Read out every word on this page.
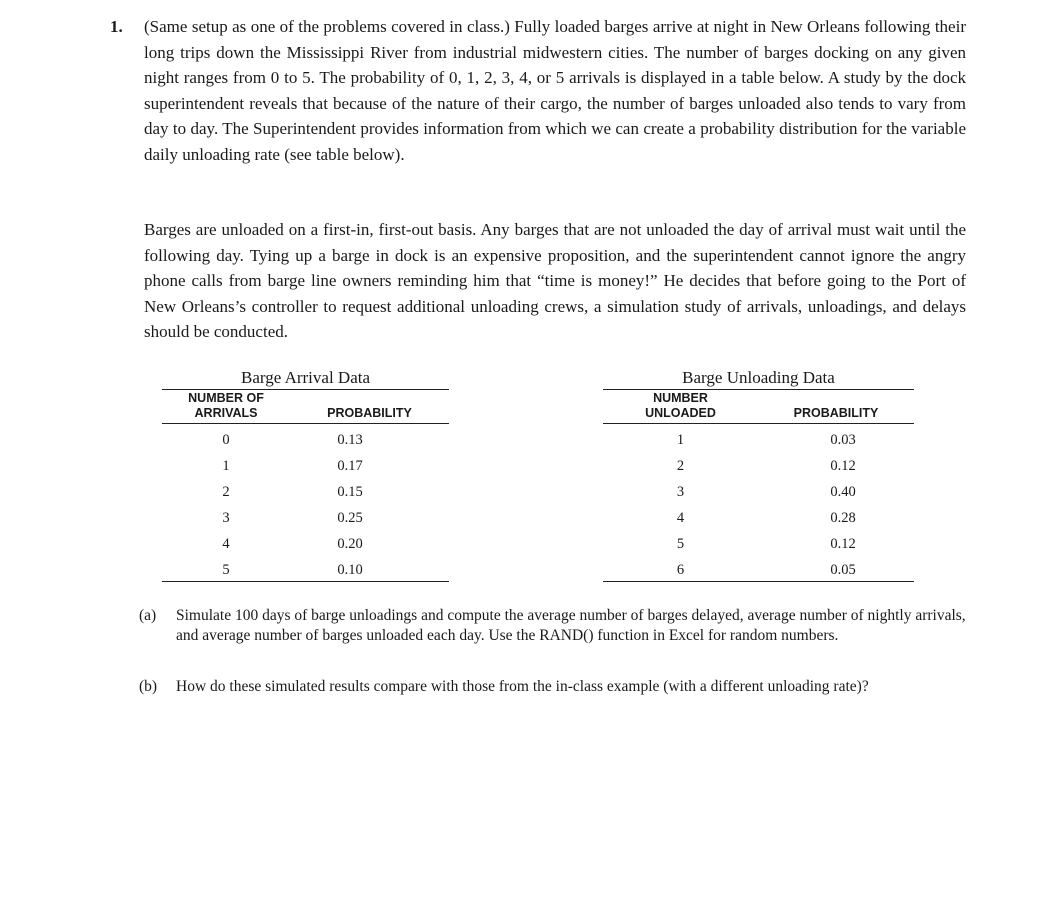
1. (Same setup as one of the problems covered in class.) Fully loaded barges arrive at night in New Orleans following their long trips down the Mississippi River from industrial midwestern cities. The number of barges docking on any given night ranges from 0 to 5. The probability of 0, 1, 2, 3, 4, or 5 arrivals is displayed in a table below. A study by the dock superintendent reveals that because of the nature of their cargo, the number of barges unloaded also tends to vary from day to day. The Superintendent provides information from which we can create a probability distribution for the variable daily unloading rate (see table below).

Barges are unloaded on a first-in, first-out basis. Any barges that are not unloaded the day of arrival must wait until the following day. Tying up a barge in dock is an expensive proposition, and the superintendent cannot ignore the angry phone calls from barge line owners reminding him that “time is money!” He decides that before going to the Port of New Orleans’s controller to request additional unloading crews, a simulation study of arrivals, unloadings, and delays should be conducted.

Barge Arrival Data
NUMBER OF
ARRIVALS	PROBABILITY
0	0.13
1	0.17
2	0.15
3	0.25
4	0.20
5	0.10
Barge Unloading Data
NUMBER
UNLOADED	PROBABILITY
1	0.03
2	0.12
3	0.40
4	0.28
5	0.12
6	0.05
(a) Simulate 100 days of barge unloadings and compute the average number of barges delayed, average number of nightly arrivals, and average number of barges unloaded each day. Use the RAND() function in Excel for random numbers.
(b) How do these simulated results compare with those from the in-class example (with a different unloading rate)?
